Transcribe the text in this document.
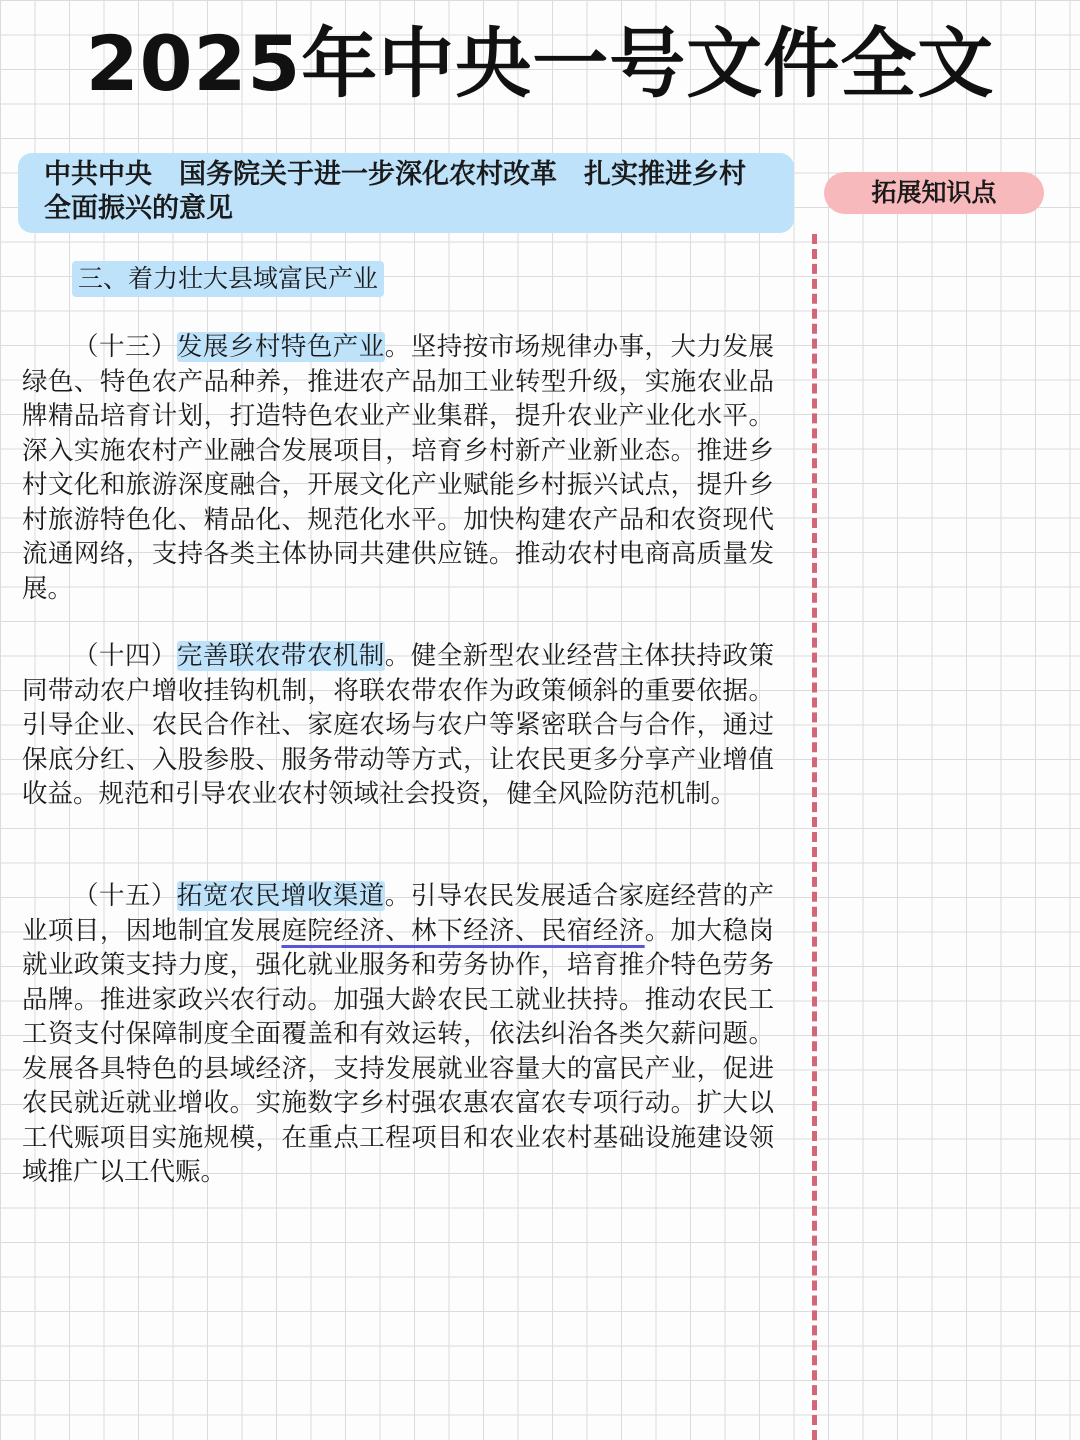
2025年中央一号文件全文
中共中央　国务院关于进一步深化农村改革　扎实推进乡村全面振兴的意见
拓展知识点
三、着力壮大县域富民产业

（十三）发展乡村特色产业。坚持按市场规律办事，大力发展绿色、特色农产品种养，推进农产品加工业转型升级，实施农业品牌精品培育计划，打造特色农业产业集群，提升农业产业化水平。深入实施农村产业融合发展项目，培育乡村新产业新业态。推进乡村文化和旅游深度融合，开展文化产业赋能乡村振兴试点，提升乡村旅游特色化、精品化、规范化水平。加快构建农产品和农资现代流通网络，支持各类主体协同共建供应链。推动农村电商高质量发展。

（十四）完善联农带农机制。健全新型农业经营主体扶持政策同带动农户增收挂钩机制，将联农带农作为政策倾斜的重要依据。引导企业、农民合作社、家庭农场与农户等紧密联合与合作，通过保底分红、入股参股、服务带动等方式，让农民更多分享产业增值收益。规范和引导农业农村领域社会投资，健全风险防范机制。

（十五）拓宽农民增收渠道。引导农民发展适合家庭经营的产业项目，因地制宜发展庭院经济、林下经济、民宿经济。加大稳岗就业政策支持力度，强化就业服务和劳务协作，培育推介特色劳务品牌。推进家政兴农行动。加强大龄农民工就业扶持。推动农民工工资支付保障制度全面覆盖和有效运转，依法纠治各类欠薪问题。发展各具特色的县域经济，支持发展就业容量大的富民产业，促进农民就近就业增收。实施数字乡村强农惠农富农专项行动。扩大以工代赈项目实施规模，在重点工程项目和农业农村基础设施建设领域推广以工代赈。
